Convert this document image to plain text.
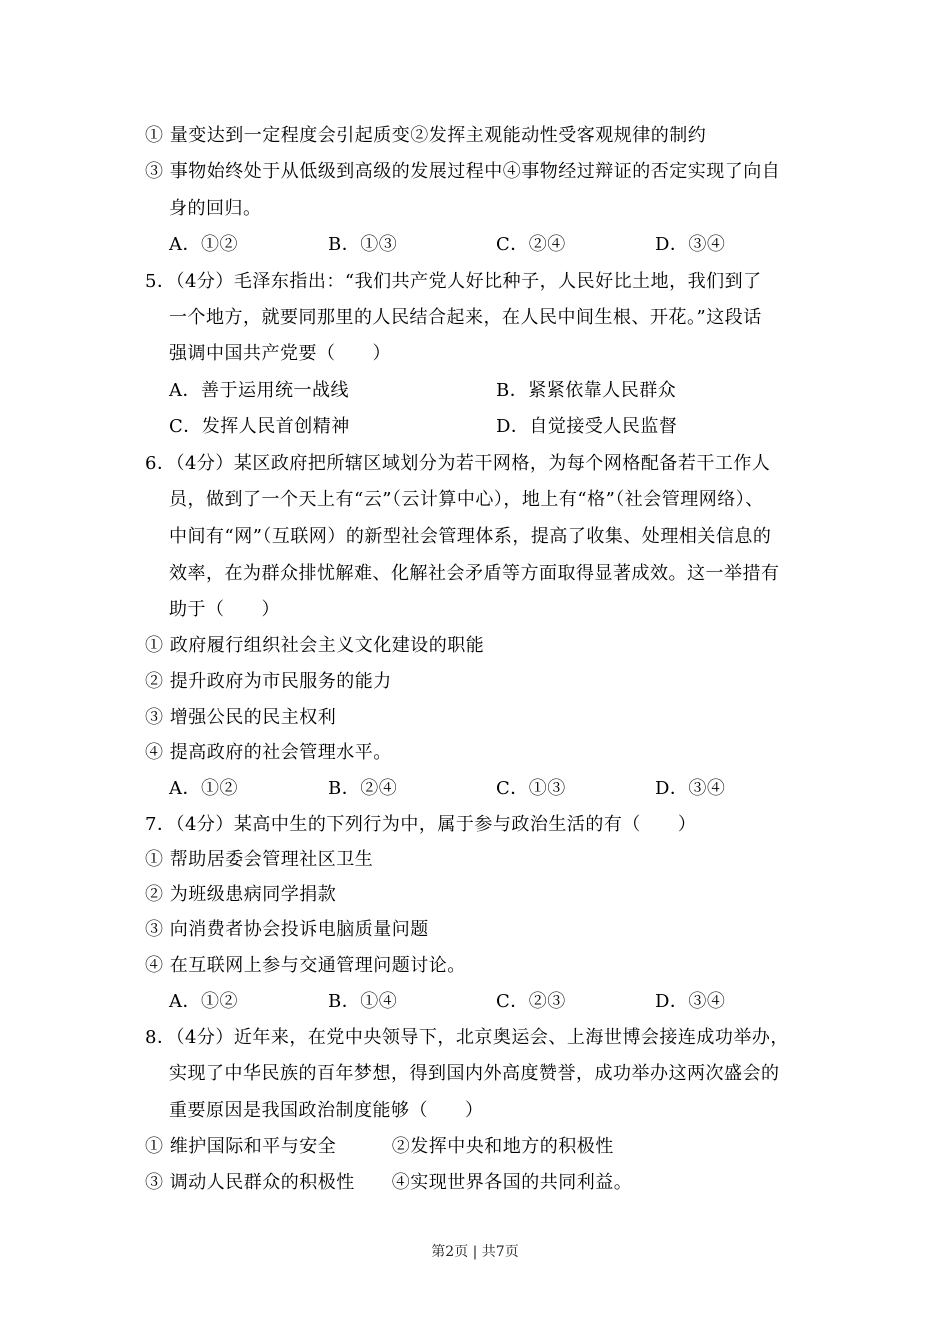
① 量变达到一定程度会引起质变②发挥主观能动性受客观规律的制约
③ 事物始终处于从低级到高级的发展过程中④事物经过辩证的否定实现了向自
身的回归。
A．①②	B．①③	C．②④	D．③④
5．（4分）毛泽东指出：“我们共产党人好比种子，人民好比土地，我们到了
一个地方，就要同那里的人民结合起来，在人民中间生根、开花。”这段话
强调中国共产党要（　　）
A．善于运用统一战线	B．紧紧依靠人民群众
C．发挥人民首创精神	D．自觉接受人民监督
6．（4分）某区政府把所辖区域划分为若干网格，为每个网格配备若干工作人
员，做到了一个天上有“云”（云计算中心），地上有“格”（社会管理网络）、
中间有“网”（互联网）的新型社会管理体系，提高了收集、处理相关信息的
效率，在为群众排忧解难、化解社会矛盾等方面取得显著成效。这一举措有
助于（　　）
① 政府履行组织社会主义文化建设的职能
② 提升政府为市民服务的能力
③ 增强公民的民主权利
④ 提高政府的社会管理水平。
A．①②	B．②④	C．①③	D．③④
7．（4分）某高中生的下列行为中，属于参与政治生活的有（　　）
① 帮助居委会管理社区卫生
② 为班级患病同学捐款
③ 向消费者协会投诉电脑质量问题
④ 在互联网上参与交通管理问题讨论。
A．①②	B．①④	C．②③	D．③④
8．（4分）近年来，在党中央领导下，北京奥运会、上海世博会接连成功举办，
实现了中华民族的百年梦想，得到国内外高度赞誉，成功举办这两次盛会的
重要原因是我国政治制度能够（　　）
① 维护国际和平与安全　　　②发挥中央和地方的积极性
③ 调动人民群众的积极性　　④实现世界各国的共同利益。
第2页 | 共7页
